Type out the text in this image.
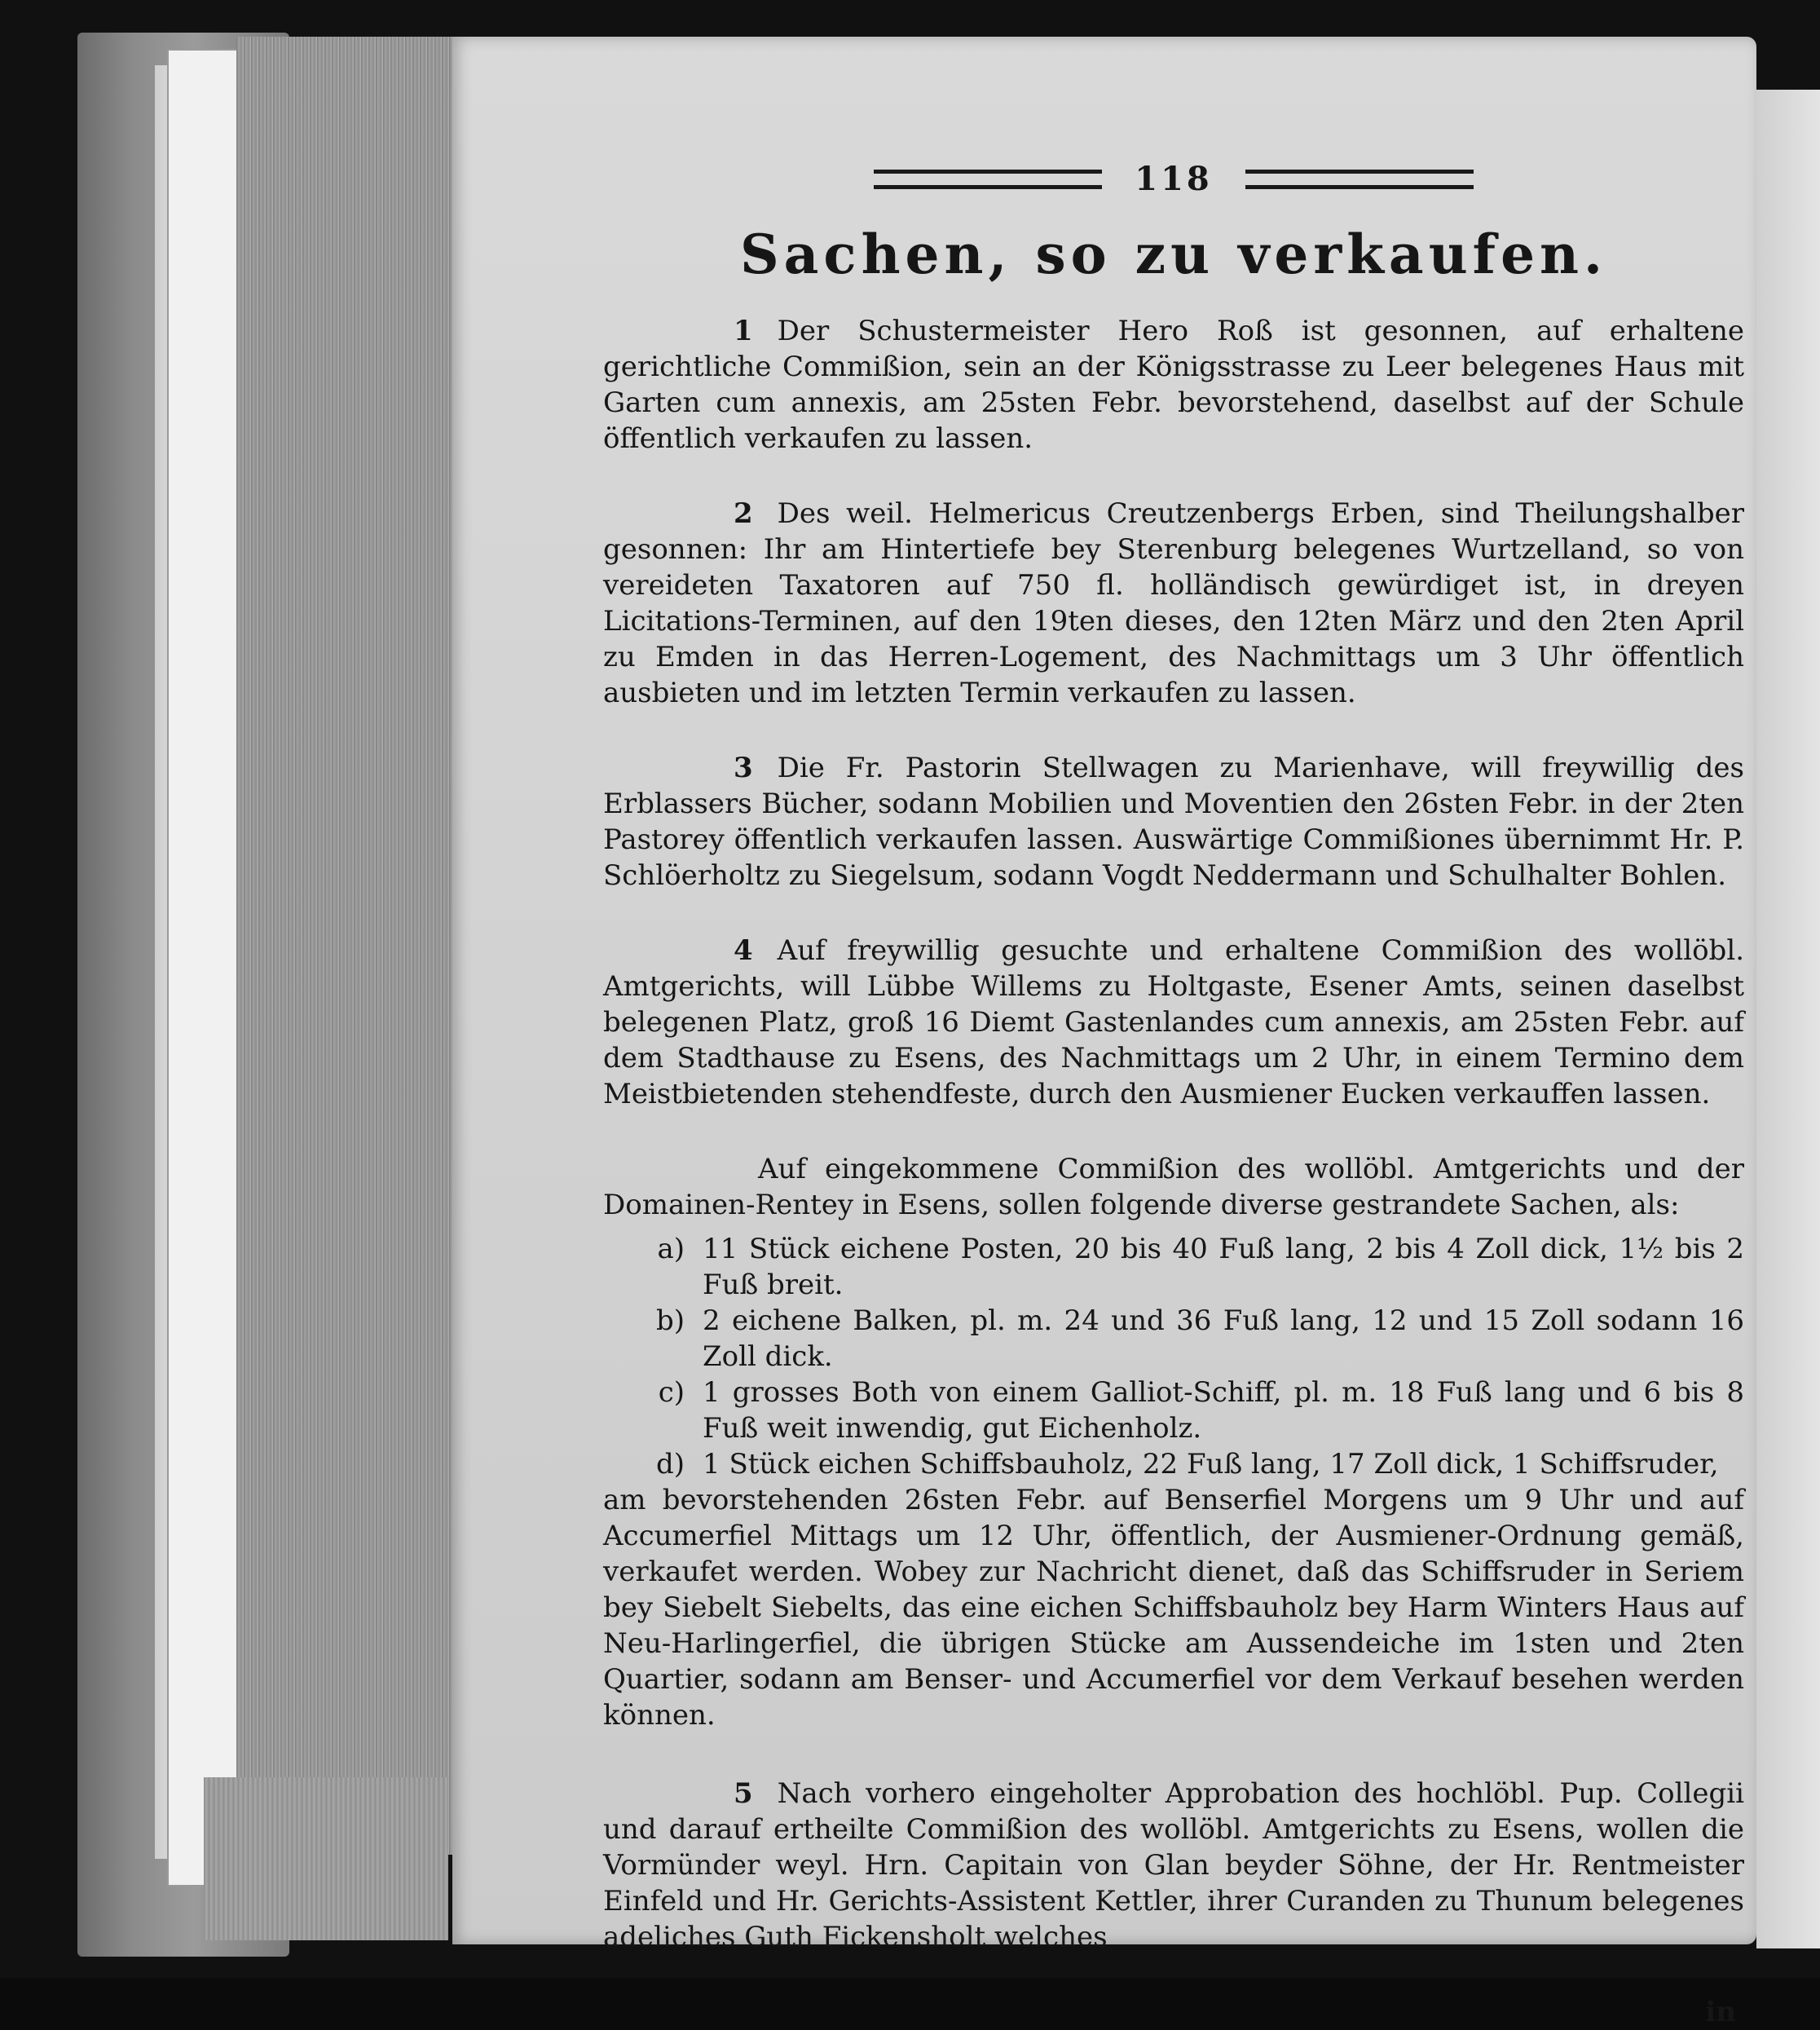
118
Sachen, so zu verkaufen.

1 Der Schustermeister Hero Roß ist gesonnen, auf erhaltene gerichtliche Commißion, sein an der Königsstrasse zu Leer belegenes Haus mit Garten cum annexis, am 25sten Febr. bevorstehend, daselbst auf der Schule öffentlich verkaufen zu lassen.

2 Des weil. Helmericus Creutzenbergs Erben, sind Theilungshalber gesonnen: Ihr am Hintertiefe bey Sterenburg belegenes Wurtzelland, so von vereideten Taxatoren auf 750 fl. holländisch gewürdiget ist, in dreyen Licitations-Terminen, auf den 19ten dieses, den 12ten März und den 2ten April zu Emden in das Herren-Logement, des Nachmittags um 3 Uhr öffentlich ausbieten und im letzten Termin verkaufen zu lassen.

3 Die Fr. Pastorin Stellwagen zu Marienhave, will freywillig des Erblassers Bücher, sodann Mobilien und Moventien den 26sten Febr. in der 2ten Pastorey öffentlich verkaufen lassen. Auswärtige Commißiones übernimmt Hr. P. Schlöerholtz zu Siegelsum, sodann Vogdt Neddermann und Schulhalter Bohlen.

4 Auf freywillig gesuchte und erhaltene Commißion des wollöbl. Amtgerichts, will Lübbe Willems zu Holtgaste, Esener Amts, seinen daselbst belegenen Platz, groß 16 Diemt Gastenlandes cum annexis, am 25sten Febr. auf dem Stadthause zu Esens, des Nachmittags um 2 Uhr, in einem Termino dem Meistbietenden stehendfeste, durch den Ausmiener Eucken verkauffen lassen.

Auf eingekommene Commißion des wollöbl. Amtgerichts und der Domainen-Rentey in Esens, sollen folgende diverse gestrandete Sachen, als:

a) 11 Stück eichene Posten, 20 bis 40 Fuß lang, 2 bis 4 Zoll dick, 1½ bis 2 Fuß breit.
b) 2 eichene Balken, pl. m. 24 und 36 Fuß lang, 12 und 15 Zoll sodann 16 Zoll dick.
c) 1 grosses Both von einem Galliot-Schiff, pl. m. 18 Fuß lang und 6 bis 8 Fuß weit inwendig, gut Eichenholz.
d) 1 Stück eichen Schiffsbauholz, 22 Fuß lang, 17 Zoll dick, 1 Schiffsruder,

am bevorstehenden 26sten Febr. auf Benserfiel Morgens um 9 Uhr und auf Accumerfiel Mittags um 12 Uhr, öffentlich, der Ausmiener-Ordnung gemäß, verkaufet werden. Wobey zur Nachricht dienet, daß das Schiffsruder in Seriem bey Siebelt Siebelts, das eine eichen Schiffsbauholz bey Harm Winters Haus auf Neu-Harlingerfiel, die übrigen Stücke am Aussendeiche im 1sten und 2ten Quartier, sodann am Benser- und Accumerfiel vor dem Verkauf besehen werden können.

5 Nach vorhero eingeholter Approbation des hochlöbl. Pup. Collegii und darauf ertheilte Commißion des wollöbl. Amtgerichts zu Esens, wollen die Vormünder weyl. Hrn. Capitain von Glan beyder Söhne, der Hr. Rentmeister Einfeld und Hr. Gerichts-Assistent Kettler, ihrer Curanden zu Thunum belegenes adeliches Guth Fickensholt welches

in
